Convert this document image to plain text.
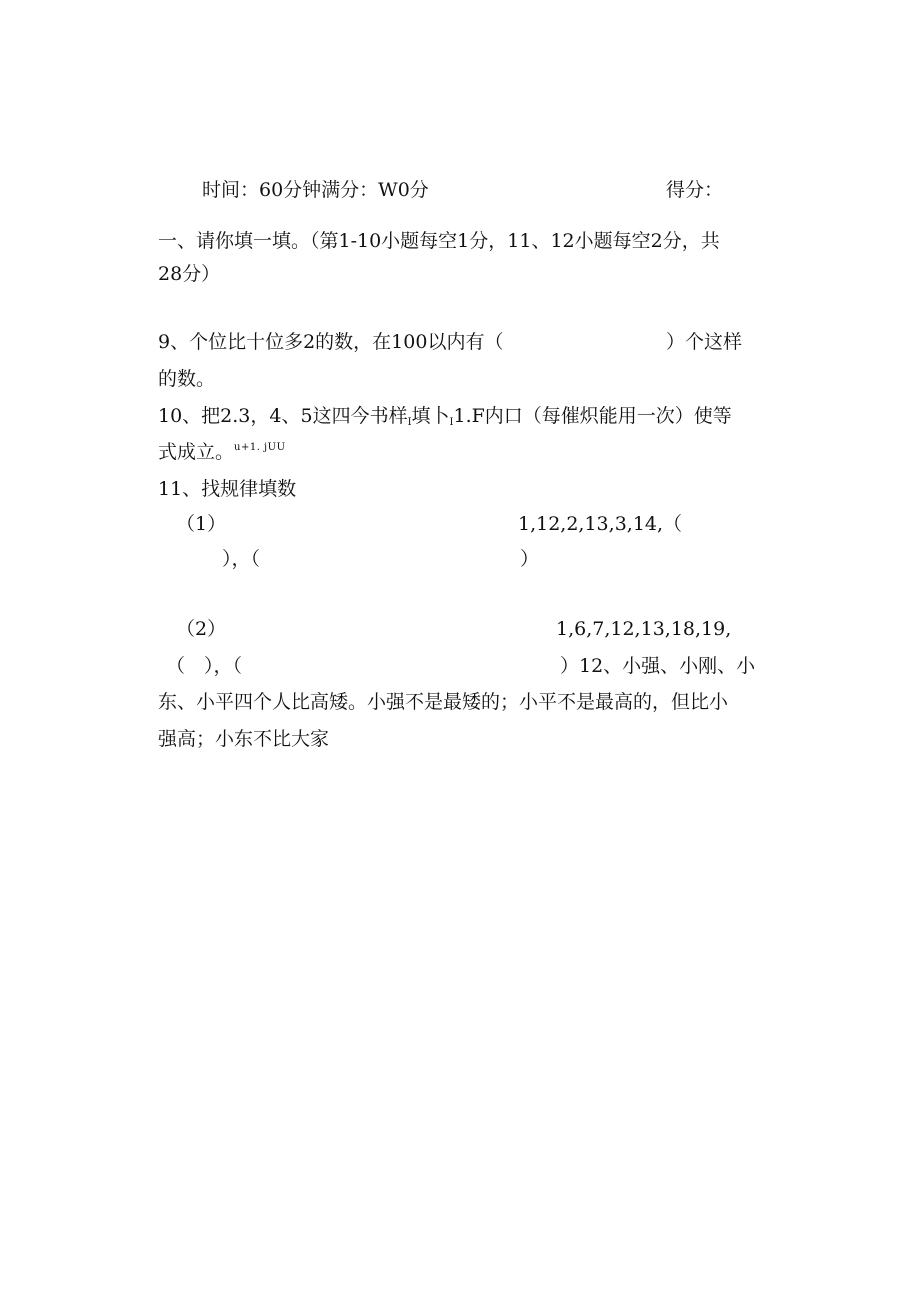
时间：60分钟满分：W0分	得分：
一、请你填一填。（第1-10小题每空1分，11、12小题每空2分，共
28分）
9、个位比十位多2的数，在100以内有（	）个这样
的数。
10、把2.3，4、5这四今书样$_I$填卜$_I$1.F内口（每催炽能用一次）使等
式成立。$^{u+1. jUU}$
11、找规律填数
（1）	1,12,2,13,3,14,（
），（	）
（2）	1,6,7,12,13,18,19,
（　），（	）12、小强、小刚、小
东、小平四个人比高矮。小强不是最矮的；小平不是最高的，但比小
强高；小东不比大家
